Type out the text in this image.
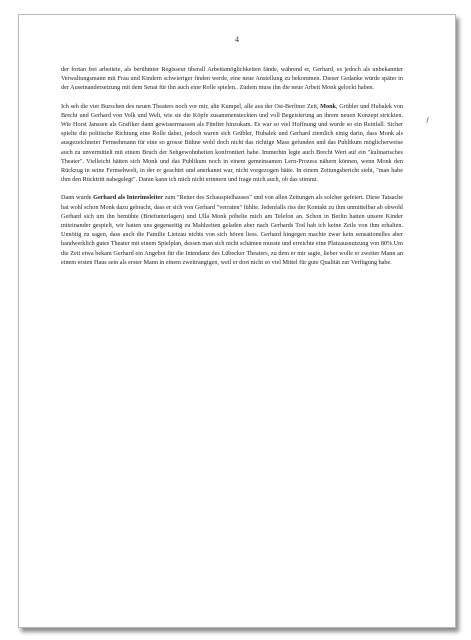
4

der fortan frei arbeitete, als berühmter Regisseur überall Arbeitsmöglichkeiten fände, während er, Gerhard, es jedoch als unbekannter Verwaltungsmann mit Frau und Kindern schwieriger finden werde, eine neue Anstellung zu bekommen. Dieser Gedanke würde später in der Auseinandersetzung mit dem Senat für ihn auch eine Rolle spielen.. Zudem muss ihn die neue Arbeit Monk gelockt haben.

Ich seh die vier Burschen des neuen Theaters noch vor mir, alte Kumpel, alle aus der Ost-Berliner Zeit, Monk, Grübler und Hubalek von Brecht und Gerhard von Volk und Welt, wie sie die Köpfe zusammensteckten und voll Begeisterung an ihrem neuen Konzept strickten. Wie Horst Janssen als Grafiker dann gewissermassen als Fünfter hinzukam. Es war so viel Hoffnung und wurde so ein Reinfall. Sicher spielte die politische Richtung eine Rolle dabei, jedoch waren sich Grübler, Hubalek und Gerhard ziemlich einig darin, dass Monk als ausgezeichneter Fernsehmann für eine so grosse Bühne wohl doch nicht das richtige Mass gefunden und das Publikum möglicherweise auch zu unvermittelt mit einem Bruch der Sehgewohnheiten konfrontiert habe. Immerhin legte auch Brecht Wert auf ein "kulinarisches Theater". Vielleicht hätten sich Monk und das Publikum noch in einem gemeinsamen Lern-Prozess nähern können, wenn Monk den Rückzug in seine Fernsehwelt, in der er geachtet und anerkannt war, nicht vorgezogen hätte. In einem Zeitungsbericht steht, "man habe ihm den Rücktritt nahegelegt". Daran kann ich mich nicht erinnern und frage mich auch, ob das stimmt.

Dann wurde Gerhard als Interimsleiter zum "Retter des Schauspielhauses" und von allen Zeitungen als solcher gefeiert. Diese Tatsache hat wohl schon Monk dazu gebracht, dass er sich von Gerhard "verraten" fühlte. Jedenfalls riss der Kontakt zu ihm unmittelbar ab obwohl Gerhard sich um ihn bemühte (Briefunterlagen) und Ulla Monk pöbelte mich am Telefon an. Schon in Berlin hatten unsere Kinder miteinander gespielt, wir hatten uns gegenseitig zu Mahlzeiten geladen aber nach Gerhards Tod hab ich keine Zeile von ihm erhalten. Unnötig zu sagen, dass auch die Familie Lietzau nichts von sich hören liess. Gerhard hingegen machte zwar kein sensationelles aber handwerklich gutes Theater mit einem Spielplan, dessen man sich nicht schämen musste und erreichte eine Platzausnutzung von 80%.Um die Zeit etwa bekam Gerhard ein Angebot für die Intendanz des Lübecker Theaters, zu dem er mir sagte, lieber wolle er zweiter Mann an einem ersten Haus sein als erster Mann in einem zweitrangigen, weil er dort nicht so viel Mittel für gute Qualität zur Verfügung habe.
